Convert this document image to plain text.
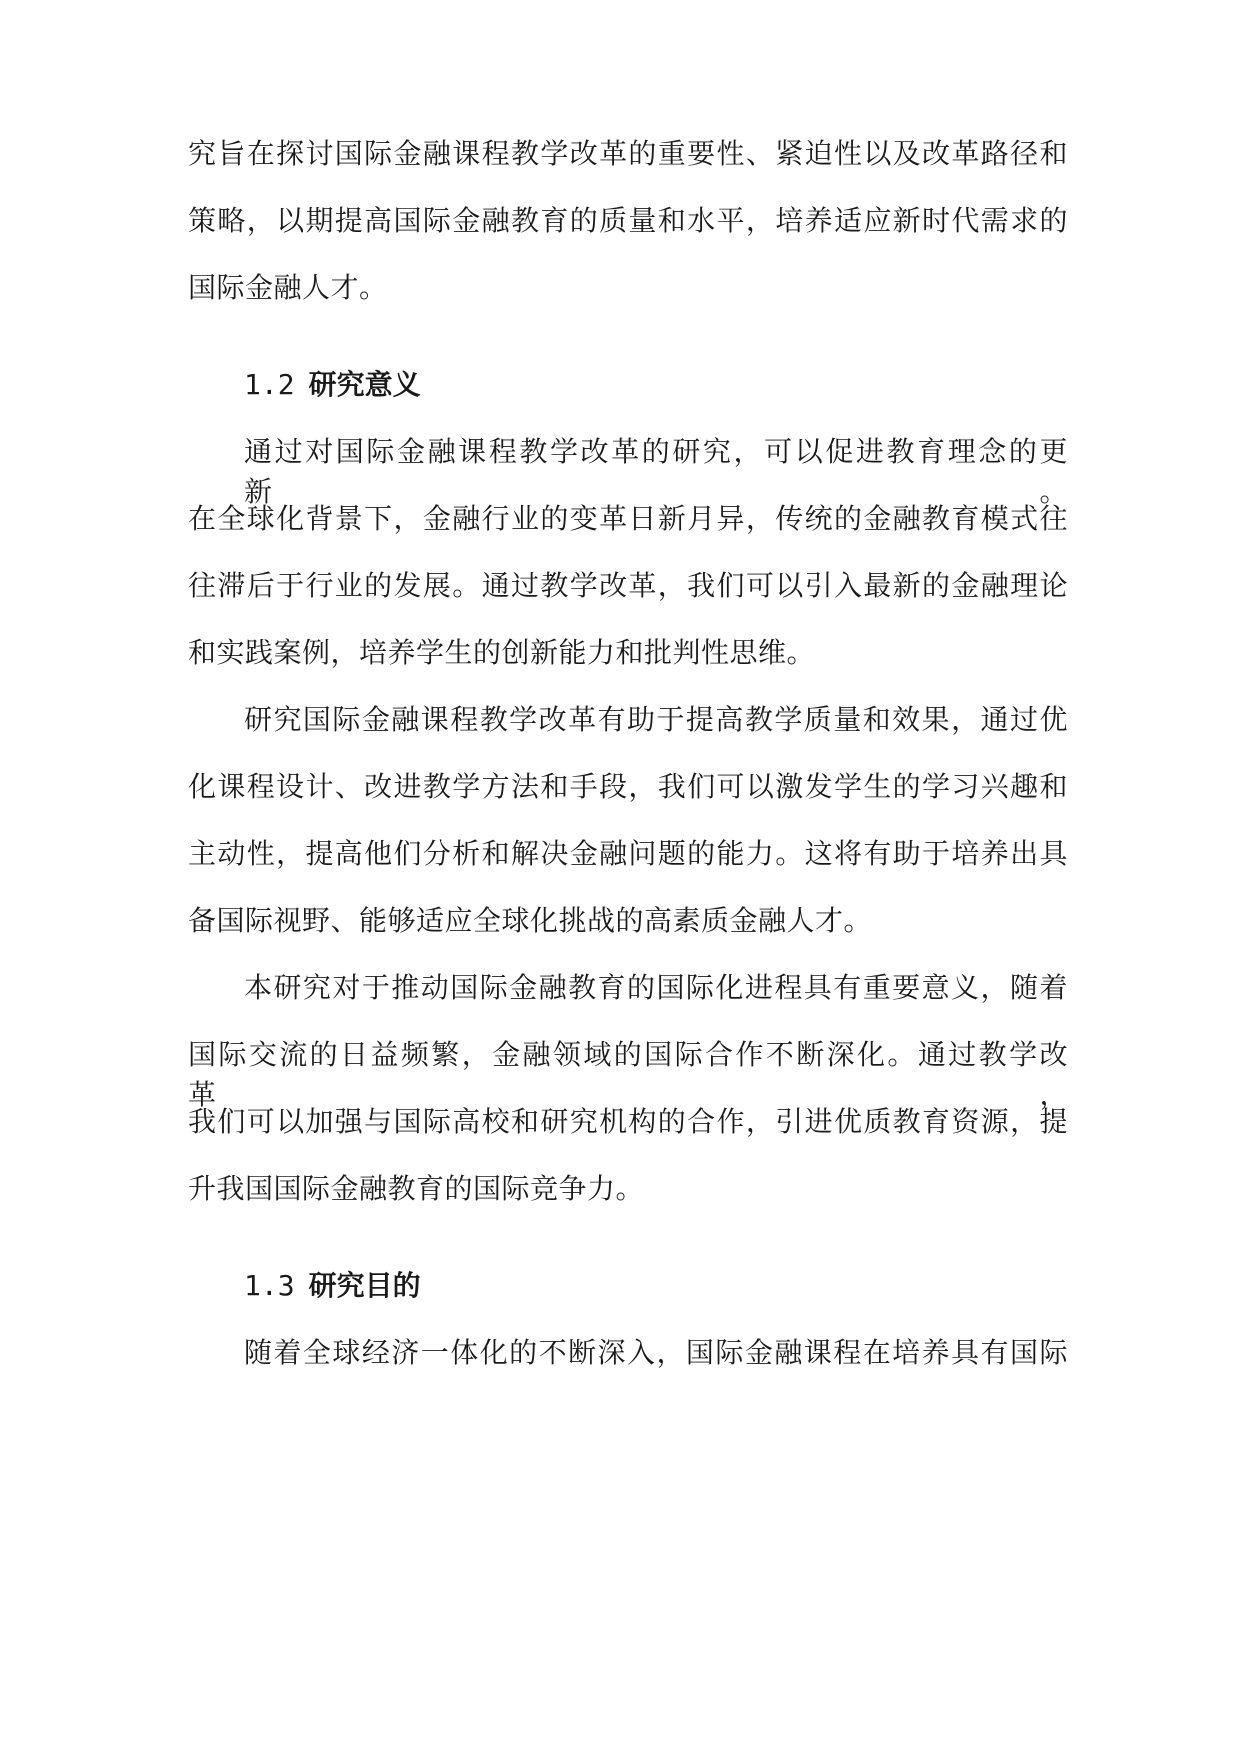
究旨在探讨国际金融课程教学改革的重要性、紧迫性以及改革路径和
策略，以期提高国际金融教育的质量和水平，培养适应新时代需求的
国际金融人才。
1.2 研究意义
通过对国际金融课程教学改革的研究，可以促进教育理念的更新。
在全球化背景下，金融行业的变革日新月异，传统的金融教育模式往
往滞后于行业的发展。通过教学改革，我们可以引入最新的金融理论
和实践案例，培养学生的创新能力和批判性思维。
研究国际金融课程教学改革有助于提高教学质量和效果，通过优
化课程设计、改进教学方法和手段，我们可以激发学生的学习兴趣和
主动性，提高他们分析和解决金融问题的能力。这将有助于培养出具
备国际视野、能够适应全球化挑战的高素质金融人才。
本研究对于推动国际金融教育的国际化进程具有重要意义，随着
国际交流的日益频繁，金融领域的国际合作不断深化。通过教学改革，
我们可以加强与国际高校和研究机构的合作，引进优质教育资源，提
升我国国际金融教育的国际竞争力。
1.3 研究目的
随着全球经济一体化的不断深入，国际金融课程在培养具有国际
